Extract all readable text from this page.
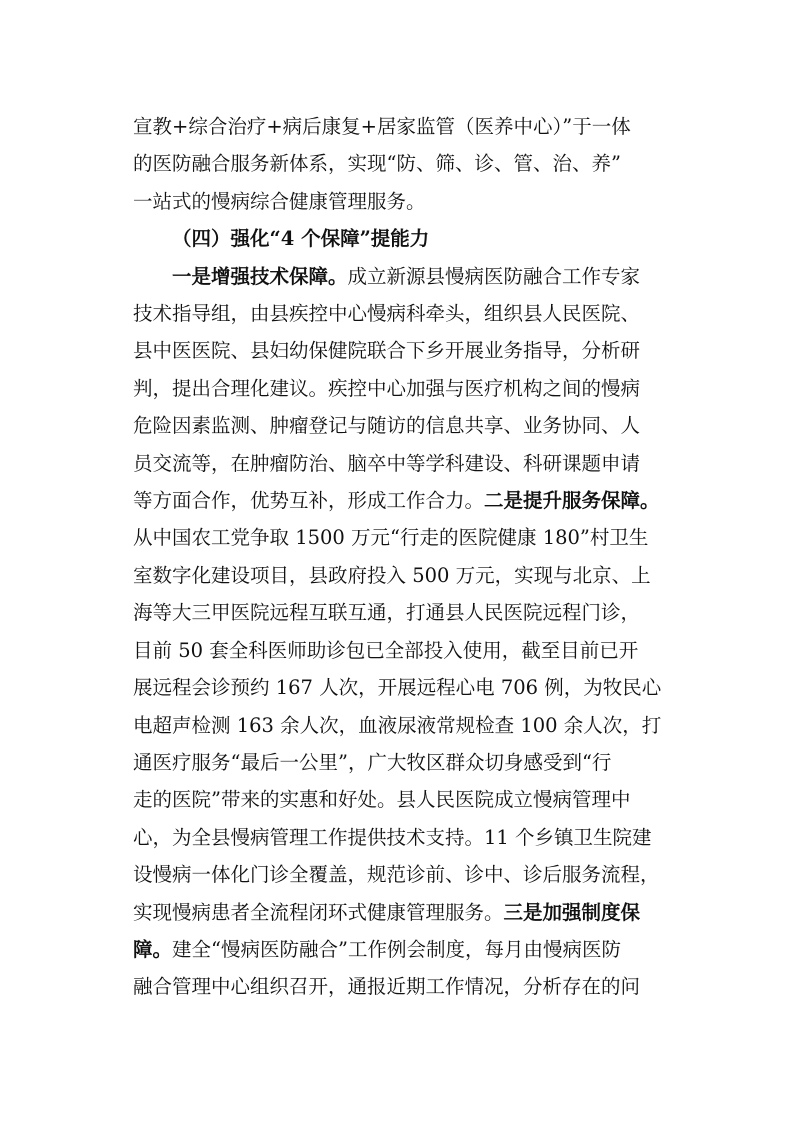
宣教+综合治疗+病后康复+居家监管（医养中心）”于一体
的医防融合服务新体系，实现“防、筛、诊、管、治、养”
一站式的慢病综合健康管理服务。
（四）强化“4 个保障”提能力
一是增强技术保障。成立新源县慢病医防融合工作专家
技术指导组，由县疾控中心慢病科牵头，组织县人民医院、
县中医医院、县妇幼保健院联合下乡开展业务指导，分析研
判，提出合理化建议。疾控中心加强与医疗机构之间的慢病
危险因素监测、肿瘤登记与随访的信息共享、业务协同、人
员交流等，在肿瘤防治、脑卒中等学科建设、科研课题申请
等方面合作，优势互补，形成工作合力。二是提升服务保障。
从中国农工党争取 1500 万元“行走的医院健康 180”村卫生
室数字化建设项目，县政府投入 500 万元，实现与北京、上
海等大三甲医院远程互联互通，打通县人民医院远程门诊，
目前 50 套全科医师助诊包已全部投入使用，截至目前已开
展远程会诊预约 167 人次，开展远程心电 706 例，为牧民心
电超声检测 163 余人次，血液尿液常规检查 100 余人次，打
通医疗服务“最后一公里”，广大牧区群众切身感受到“行
走的医院”带来的实惠和好处。县人民医院成立慢病管理中
心，为全县慢病管理工作提供技术支持。11 个乡镇卫生院建
设慢病一体化门诊全覆盖，规范诊前、诊中、诊后服务流程，
实现慢病患者全流程闭环式健康管理服务。三是加强制度保
障。建全“慢病医防融合”工作例会制度，每月由慢病医防
融合管理中心组织召开，通报近期工作情况，分析存在的问
